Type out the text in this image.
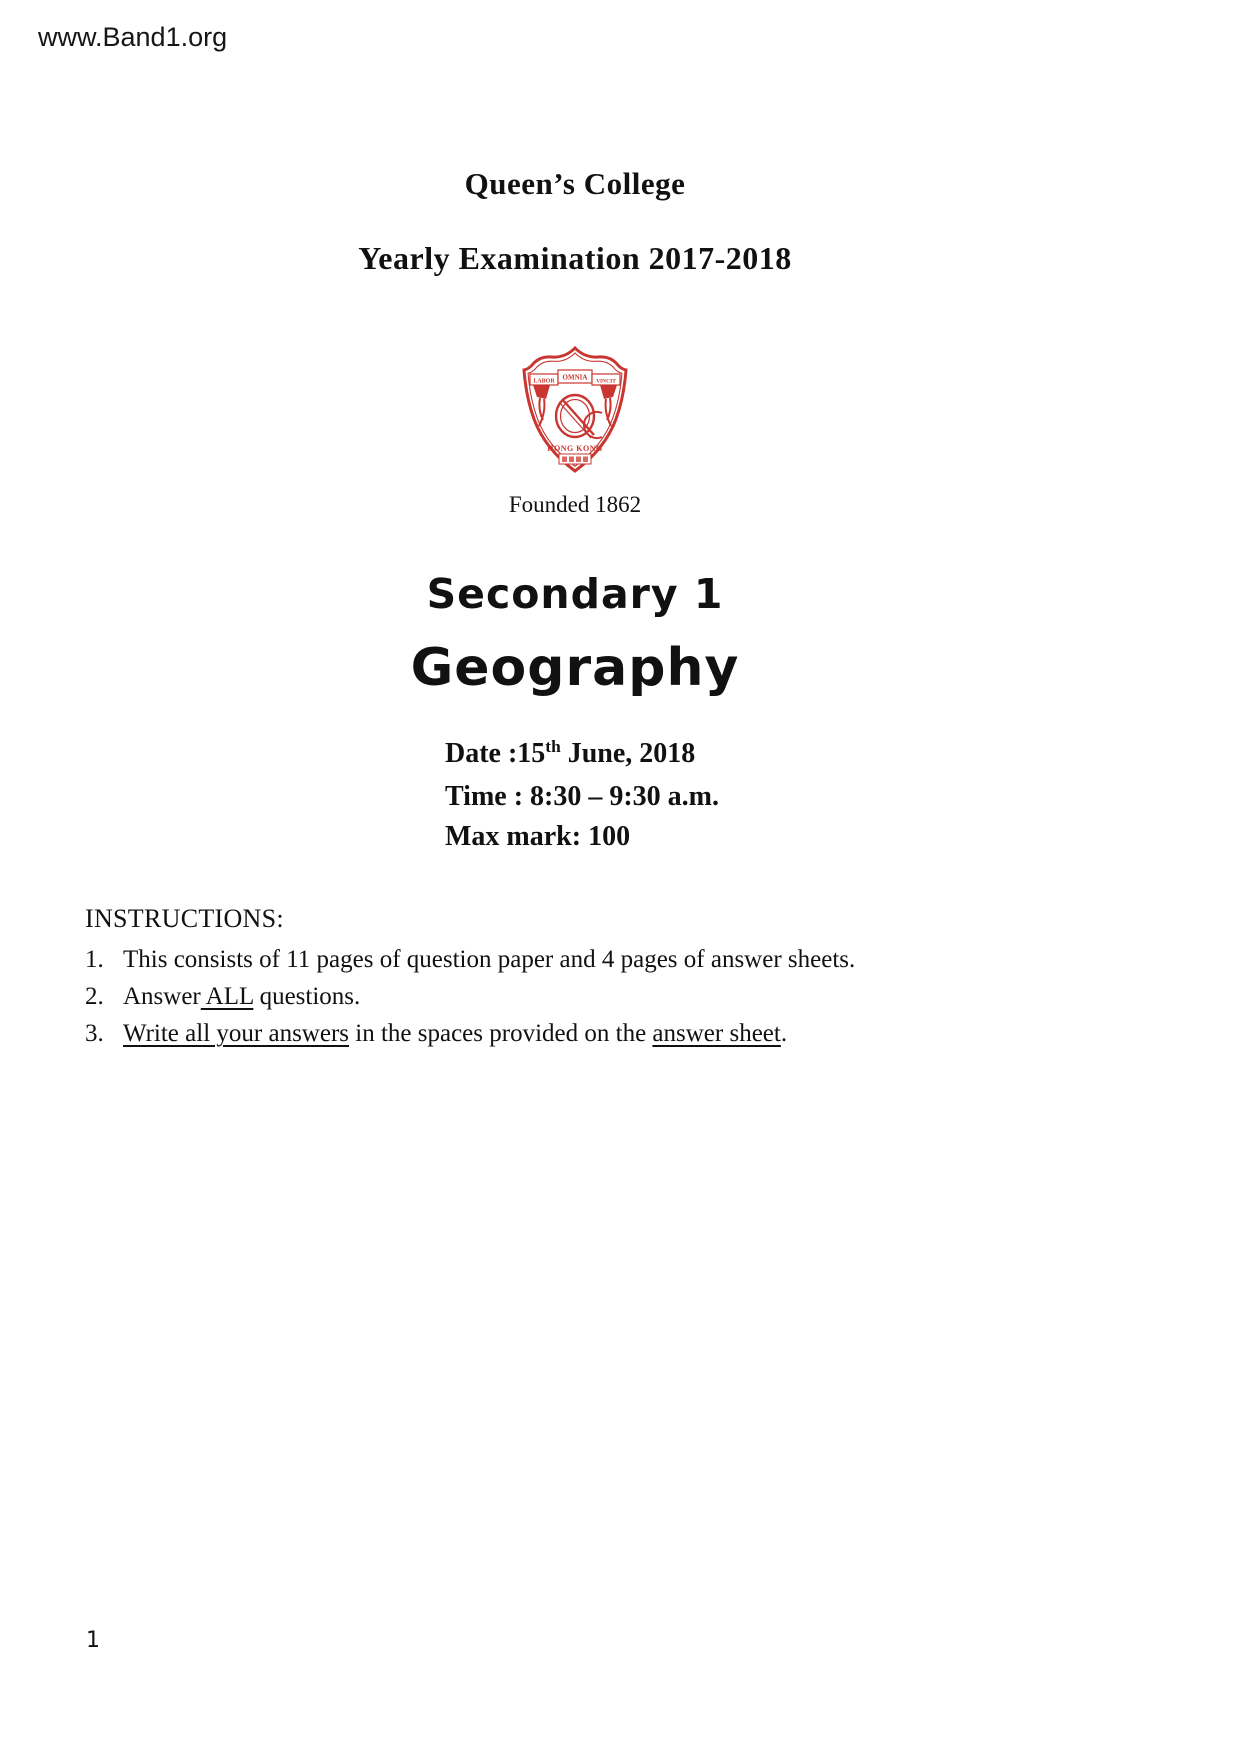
www.Band1.org
Queen’s College
Yearly Examination 2017-2018
LABOR OMNIA VINCIT
HONG KONG
Founded 1862
Secondary 1
Geography
Date :15th June, 2018
Time : 8:30 – 9:30 a.m.
Max mark: 100
INSTRUCTIONS:
1. This consists of 11 pages of question paper and 4 pages of answer sheets.
2. Answer ALL questions.
3. Write all your answers in the spaces provided on the answer sheet.
1
